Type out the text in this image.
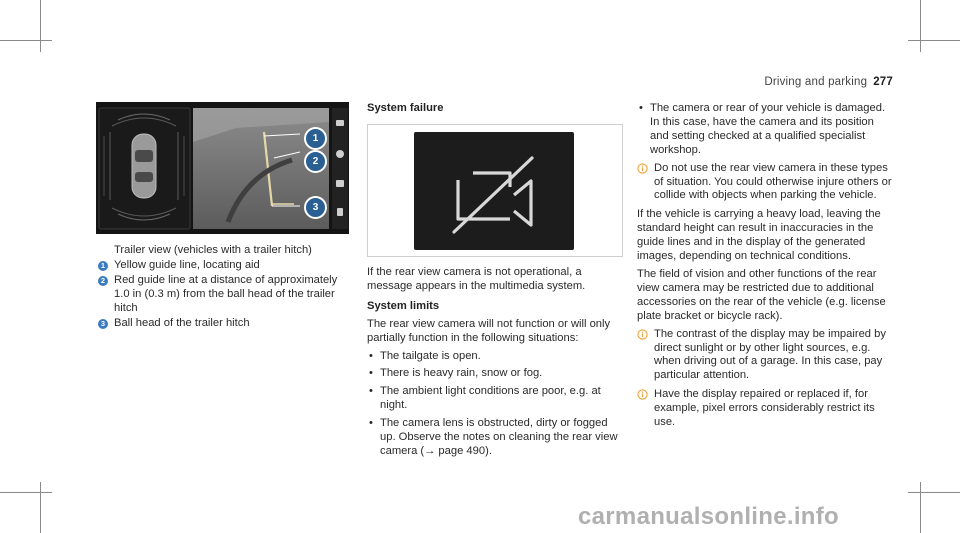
Driving and parking 277
1
2
3

Trailer view (vehicles with a trailer hitch)

1 Yellow guide line, locating aid
2 Red guide line at a distance of approximately 1.0 in (0.3 m) from the ball head of the trailer hitch
3 Ball head of the trailer hitch
System failure

If the rear view camera is not operational, a message appears in the multimedia system.

System limits

The rear view camera will not function or will only partially function in the following situations:

• The tailgate is open.
• There is heavy rain, snow or fog.
• The ambient light conditions are poor, e.g. at night.
• The camera lens is obstructed, dirty or fogged up. Observe the notes on cleaning the rear view camera (→ page 490).
• The camera or rear of your vehicle is damaged. In this case, have the camera and its position and setting checked at a qualified specialist workshop.
Do not use the rear view camera in these types of situation. You could otherwise injure others or collide with objects when parking the vehicle.

If the vehicle is carrying a heavy load, leaving the standard height can result in inaccuracies in the guide lines and in the display of the generated images, depending on technical conditions.

The field of vision and other functions of the rear view camera may be restricted due to additional accessories on the rear of the vehicle (e.g. license plate bracket or bicycle rack).

The contrast of the display may be impaired by direct sunlight or by other light sources, e.g. when driving out of a garage. In this case, pay particular attention.
Have the display repaired or replaced if, for example, pixel errors considerably restrict its use.
carmanualsonline.info
